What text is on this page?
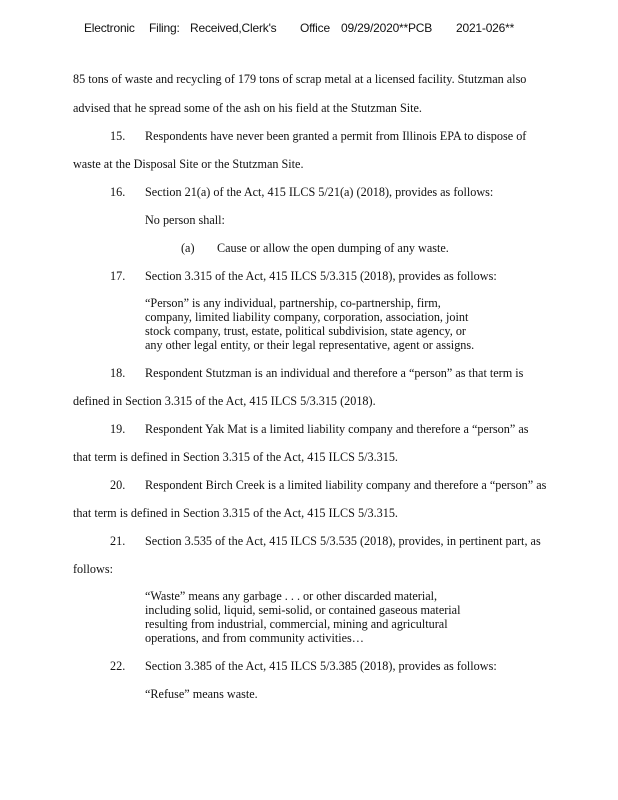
Electronic Filing: Received,Clerk's Office 09/29/2020**PCB 2021-026**
85 tons of waste and recycling of 179 tons of scrap metal at a licensed facility. Stutzman also
advised that he spread some of the ash on his field at the Stutzman Site.
15. Respondents have never been granted a permit from Illinois EPA to dispose of
waste at the Disposal Site or the Stutzman Site.
16. Section 21(a) of the Act, 415 ILCS 5/21(a) (2018), provides as follows:
No person shall:
(a) Cause or allow the open dumping of any waste.
17. Section 3.315 of the Act, 415 ILCS 5/3.315 (2018), provides as follows:
“Person” is any individual, partnership, co-partnership, firm,
company, limited liability company, corporation, association, joint
stock company, trust, estate, political subdivision, state agency, or
any other legal entity, or their legal representative, agent or assigns.
18. Respondent Stutzman is an individual and therefore a “person” as that term is
defined in Section 3.315 of the Act, 415 ILCS 5/3.315 (2018).
19. Respondent Yak Mat is a limited liability company and therefore a “person” as
that term is defined in Section 3.315 of the Act, 415 ILCS 5/3.315.
20. Respondent Birch Creek is a limited liability company and therefore a “person” as
that term is defined in Section 3.315 of the Act, 415 ILCS 5/3.315.
21. Section 3.535 of the Act, 415 ILCS 5/3.535 (2018), provides, in pertinent part, as
follows:
“Waste” means any garbage . . . or other discarded material,
including solid, liquid, semi-solid, or contained gaseous material
resulting from industrial, commercial, mining and agricultural
operations, and from community activities…
22. Section 3.385 of the Act, 415 ILCS 5/3.385 (2018), provides as follows:
“Refuse” means waste.
